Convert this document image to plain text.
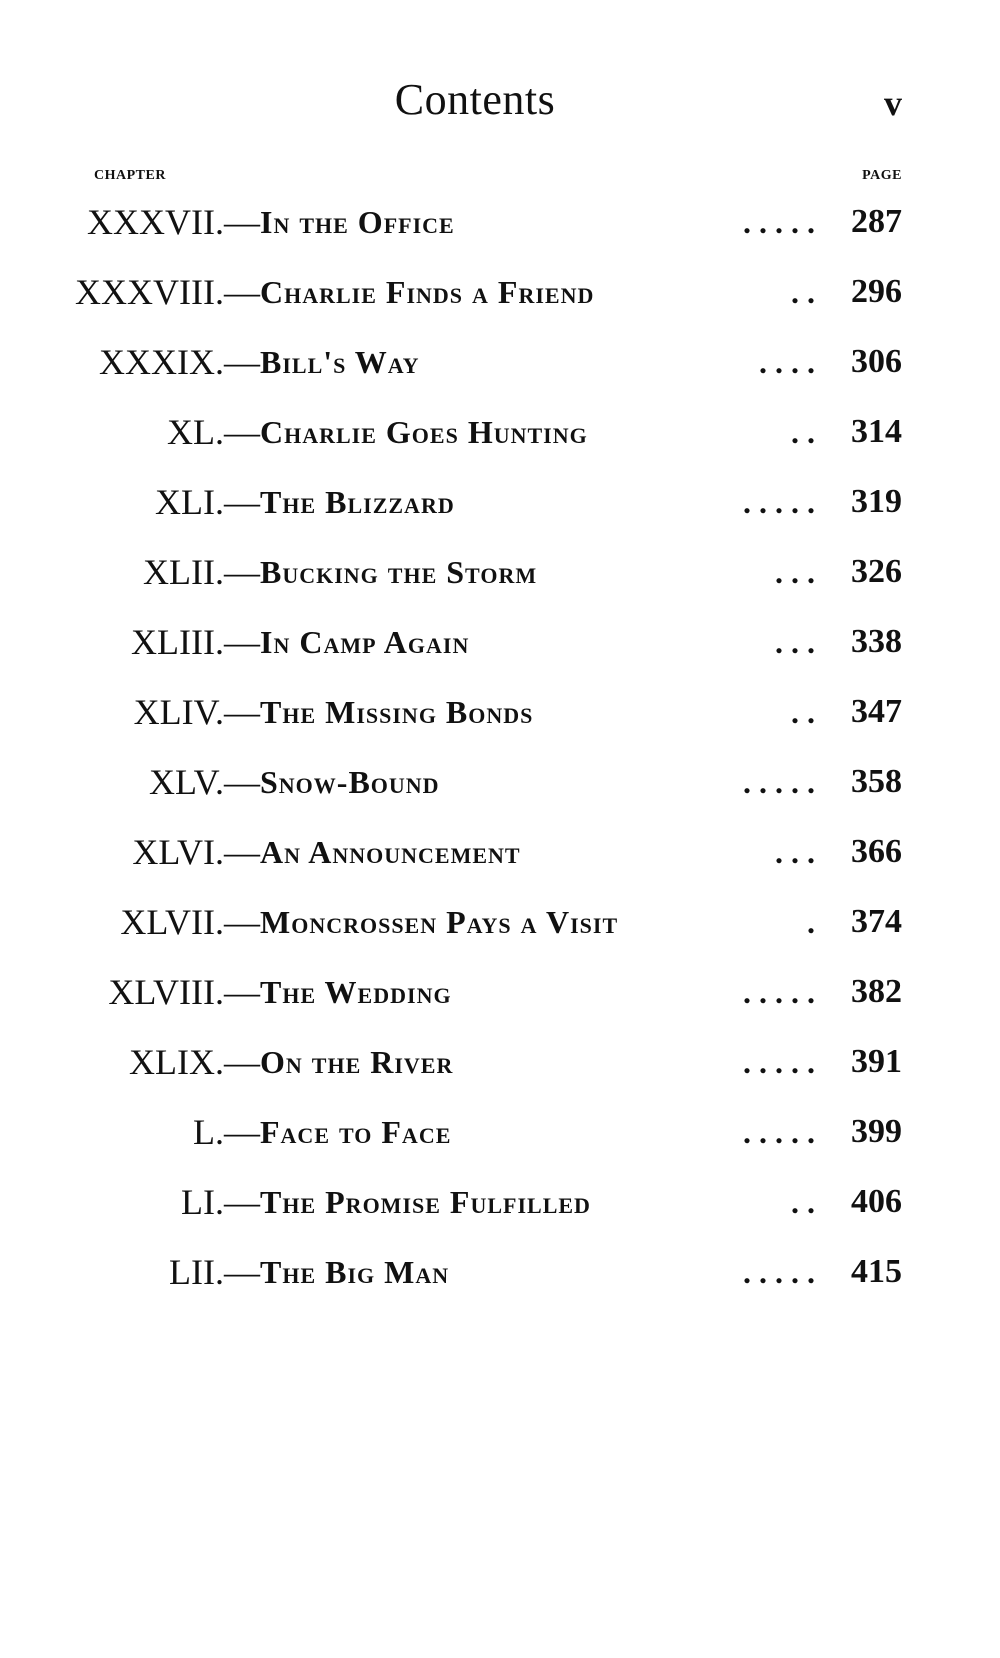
Contents	v
CHAPTER	PAGE
XXXVII.— In the Office	. . . . . 287
XXXVIII.— Charlie Finds a Friend	. . 296
XXXIX.— Bill's Way	. . . . 306
XL.— Charlie Goes Hunting	. . 314
XLI.— The Blizzard	. . . . . 319
XLII.— Bucking the Storm	. . . 326
XLIII.— In Camp Again	. . . 338
XLIV.— The Missing Bonds	. . 347
XLV.— Snow-Bound	. . . . . 358
XLVI.— An Announcement	. . . 366
XLVII.— Moncrossen Pays a Visit	. 374
XLVIII.— The Wedding	. . . . . 382
XLIX.— On the River	. . . . . 391
L.— Face to Face	. . . . . 399
LI.— The Promise Fulfilled	. . 406
LII.— The Big Man	. . . . . 415
